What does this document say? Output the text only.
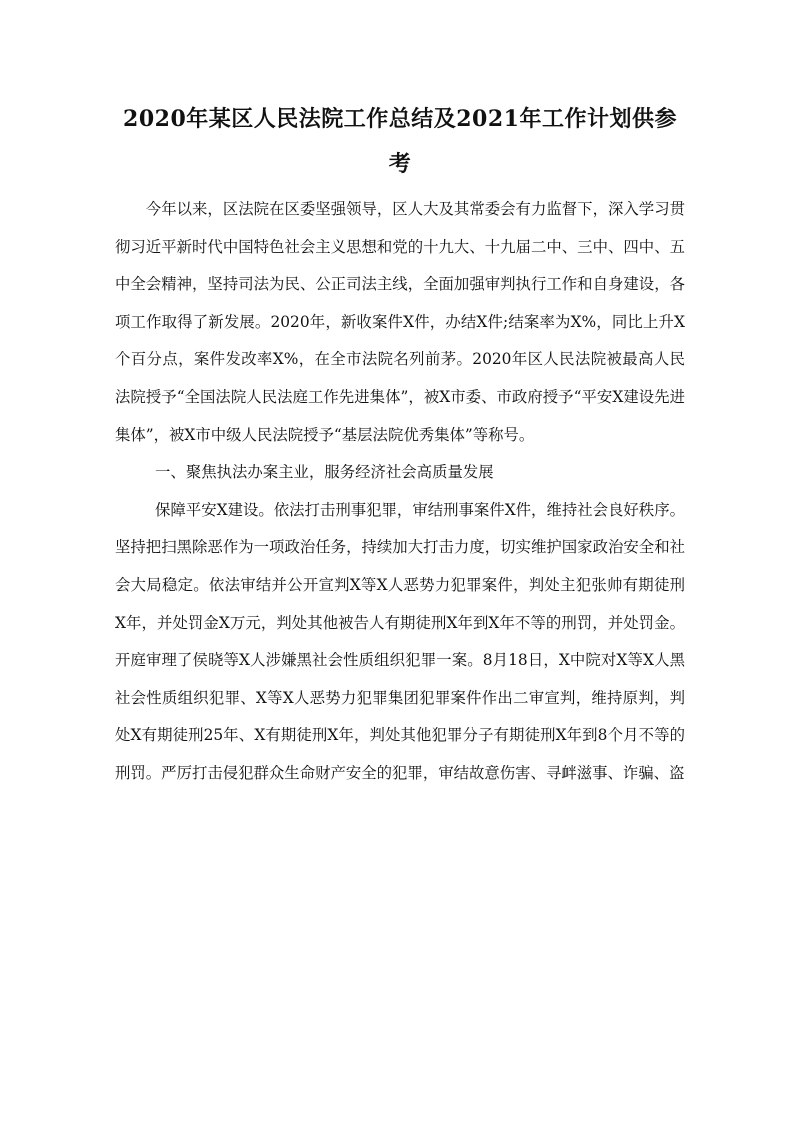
2020年某区人民法院工作总结及2021年工作计划供参考

今年以来，区法院在区委坚强领导，区人大及其常委会有力监督下，深入学习贯彻习近平新时代中国特色社会主义思想和党的十九大、十九届二中、三中、四中、五中全会精神，坚持司法为民、公正司法主线，全面加强审判执行工作和自身建设，各项工作取得了新发展。2020年，新收案件X件，办结X件;结案率为X%，同比上升X个百分点，案件发改率X%，在全市法院名列前茅。2020年区人民法院被最高人民法院授予“全国法院人民法庭工作先进集体”，被X市委、市政府授予“平安X建设先进集体”，被X市中级人民法院授予“基层法院优秀集体”等称号。

一、聚焦执法办案主业，服务经济社会高质量发展

保障平安X建设。依法打击刑事犯罪，审结刑事案件X件，维持社会良好秩序。坚持把扫黑除恶作为一项政治任务，持续加大打击力度，切实维护国家政治安全和社会大局稳定。依法审结并公开宣判X等X人恶势力犯罪案件，判处主犯张帅有期徒刑X年，并处罚金X万元，判处其他被告人有期徒刑X年到X年不等的刑罚，并处罚金。开庭审理了侯晓等X人涉嫌黑社会性质组织犯罪一案。8月18日，X中院对X等X人黑社会性质组织犯罪、X等X人恶势力犯罪集团犯罪案件作出二审宣判，维持原判，判处X有期徒刑25年、X有期徒刑X年，判处其他犯罪分子有期徒刑X年到8个月不等的刑罚。严厉打击侵犯群众生命财产安全的犯罪，审结故意伤害、寻衅滋事、诈骗、盗
